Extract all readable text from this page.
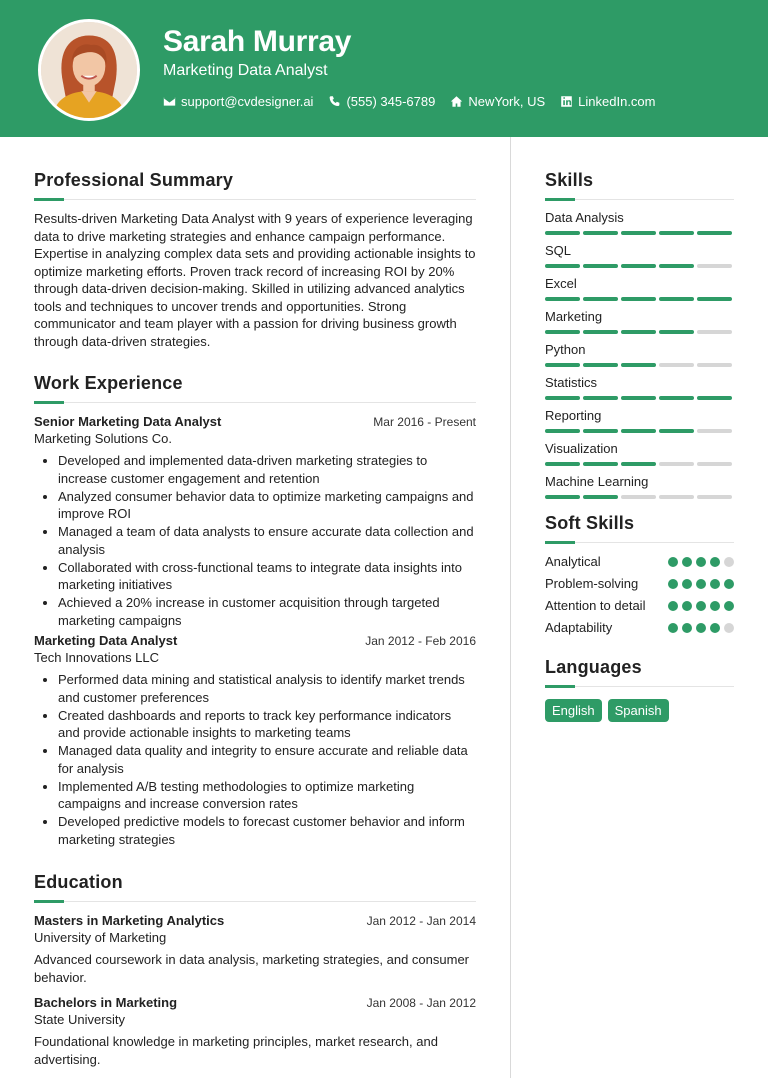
Sarah Murray
Marketing Data Analyst
support@cvdesigner.ai	(555) 345-6789	NewYork, US	LinkedIn.com
Professional Summary
Results-driven Marketing Data Analyst with 9 years of experience leveraging data to drive marketing strategies and enhance campaign performance. Expertise in analyzing complex data sets and providing actionable insights to optimize marketing efforts. Proven track record of increasing ROI by 20% through data-driven decision-making. Skilled in utilizing advanced analytics tools and techniques to uncover trends and opportunities. Strong communicator and team player with a passion for driving business growth through data-driven strategies.
Work Experience
Senior Marketing Data Analyst	Mar 2016 - Present
Marketing Solutions Co.
• Developed and implemented data-driven marketing strategies to increase customer engagement and retention
• Analyzed consumer behavior data to optimize marketing campaigns and improve ROI
• Managed a team of data analysts to ensure accurate data collection and analysis
• Collaborated with cross-functional teams to integrate data insights into marketing initiatives
• Achieved a 20% increase in customer acquisition through targeted marketing campaigns
Marketing Data Analyst	Jan 2012 - Feb 2016
Tech Innovations LLC
• Performed data mining and statistical analysis to identify market trends and customer preferences
• Created dashboards and reports to track key performance indicators and provide actionable insights to marketing teams
• Managed data quality and integrity to ensure accurate and reliable data for analysis
• Implemented A/B testing methodologies to optimize marketing campaigns and increase conversion rates
• Developed predictive models to forecast customer behavior and inform marketing strategies
Education
Masters in Marketing Analytics	Jan 2012 - Jan 2014
University of Marketing
Advanced coursework in data analysis, marketing strategies, and consumer behavior.
Bachelors in Marketing	Jan 2008 - Jan 2012
State University
Foundational knowledge in marketing principles, market research, and advertising.
Skills
Data Analysis
SQL
Excel
Marketing
Python
Statistics
Reporting
Visualization
Machine Learning
Soft Skills
Analytical
Problem-solving
Attention to detail
Adaptability
Languages
English	Spanish
